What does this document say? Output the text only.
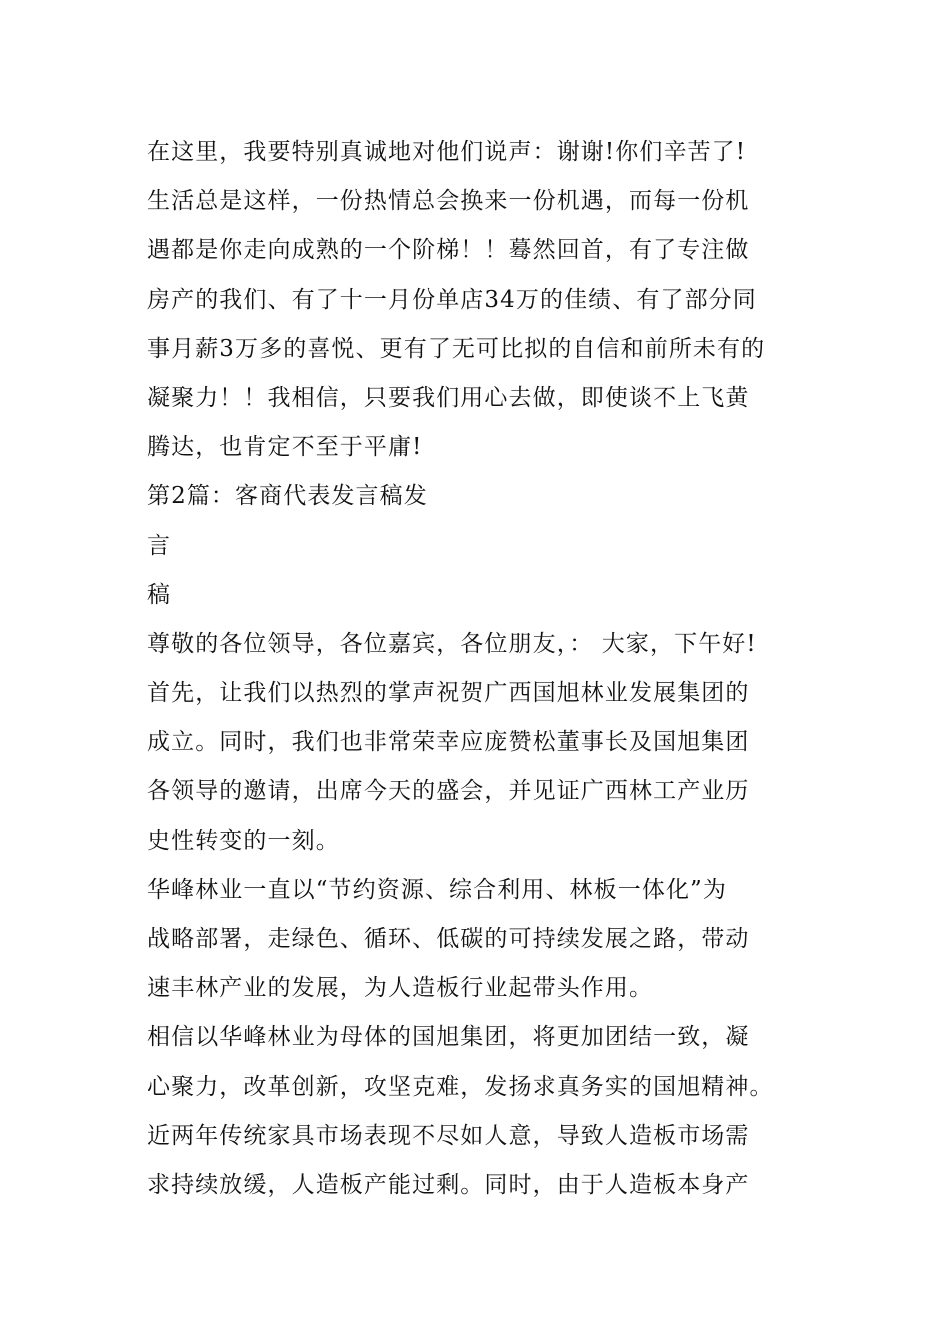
在这里，我要特别真诚地对他们说声：谢谢!你们辛苦了!
生活总是这样，一份热情总会换来一份机遇，而每一份机
遇都是你走向成熟的一个阶梯！！蓦然回首，有了专注做
房产的我们、有了十一月份单店34万的佳绩、有了部分同
事月薪3万多的喜悦、更有了无可比拟的自信和前所未有的
凝聚力！！我相信，只要我们用心去做，即使谈不上飞黄
腾达，也肯定不至于平庸!
第2篇：客商代表发言稿发
言
稿
尊敬的各位领导，各位嘉宾，各位朋友，： 大家，下午好!
首先，让我们以热烈的掌声祝贺广西国旭林业发展集团的
成立。同时，我们也非常荣幸应庞赞松董事长及国旭集团
各领导的邀请，出席今天的盛会，并见证广西林工产业历
史性转变的一刻。
华峰林业一直以“节约资源、综合利用、林板一体化”为
战略部署，走绿色、循环、低碳的可持续发展之路，带动
速丰林产业的发展，为人造板行业起带头作用。
相信以华峰林业为母体的国旭集团，将更加团结一致，凝
心聚力，改革创新，攻坚克难，发扬求真务实的国旭精神。
近两年传统家具市场表现不尽如人意，导致人造板市场需
求持续放缓，人造板产能过剩。同时，由于人造板本身产
